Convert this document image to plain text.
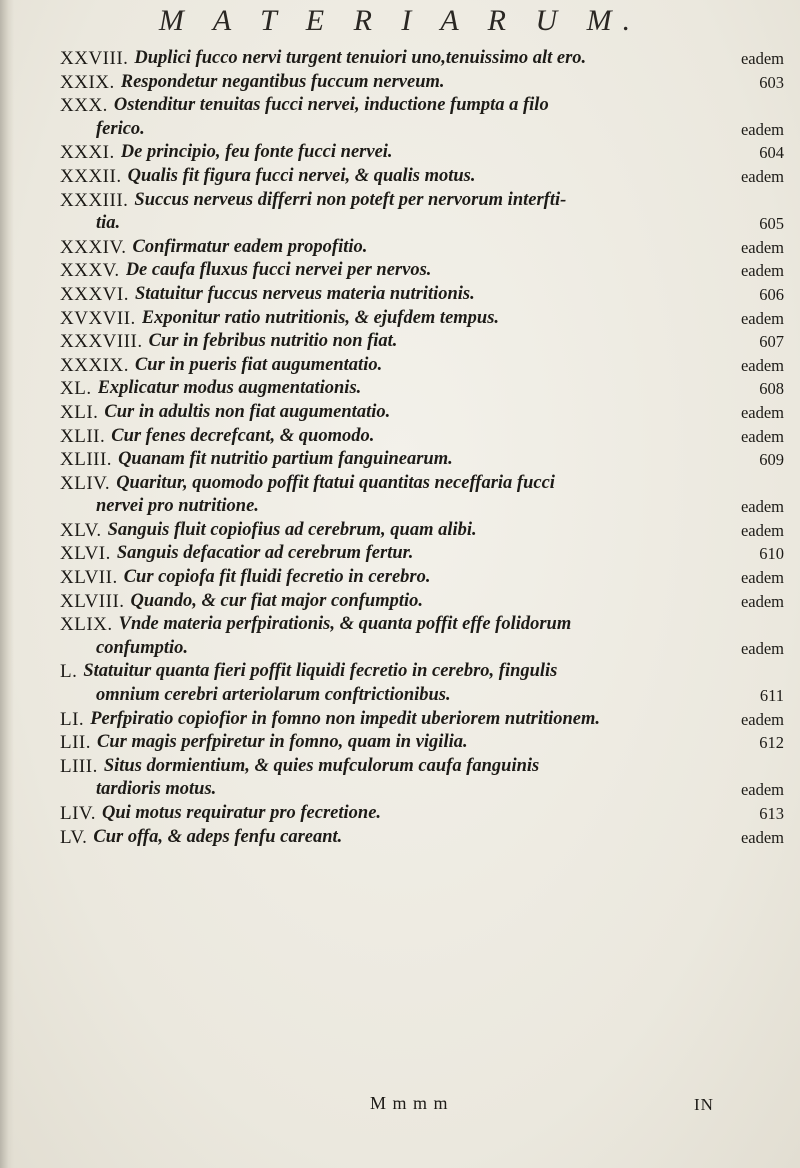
M A T E R I A R U M.
XXVIII. Duplici fucco nervi turgent tenuiori uno,tenuissimo alt ero.	eadem
XXIX. Respondetur negantibus fuccum nerveum.	603
XXX. Ostenditur tenuitas fucci nervei, inductione fumpta a filo
ferico.	eadem
XXXI. De principio, feu fonte fucci nervei.	604
XXXII. Qualis fit figura fucci nervei, & qualis motus.	eadem
XXXIII. Succus nerveus differri non poteft per nervorum interfti-
tia.	605
XXXIV. Confirmatur eadem propofitio.	eadem
XXXV. De caufa fluxus fucci nervei per nervos.	eadem
XXXVI. Statuitur fuccus nerveus materia nutritionis.	606
XVXVII. Exponitur ratio nutritionis, & ejufdem tempus.	eadem
XXXVIII. Cur in febribus nutritio non fiat.	607
XXXIX. Cur in pueris fiat augumentatio.	eadem
XL. Explicatur modus augmentationis.	608
XLI. Cur in adultis non fiat augumentatio.	eadem
XLII. Cur fenes decrefcant, & quomodo.	eadem
XLIII. Quanam fit nutritio partium fanguinearum.	609
XLIV. Quaritur, quomodo poffit ftatui quantitas neceffaria fucci
nervei pro nutritione.	eadem
XLV. Sanguis fluit copiofius ad cerebrum, quam alibi.	eadem
XLVI. Sanguis defacatior ad cerebrum fertur.	610
XLVII. Cur copiofa fit fluidi fecretio in cerebro.	eadem
XLVIII. Quando, & cur fiat major confumptio.	eadem
XLIX. Vnde materia perfpirationis, & quanta poffit effe folidorum
confumptio.	eadem
L. Statuitur quanta fieri poffit liquidi fecretio in cerebro, fingulis
omnium cerebri arteriolarum conftrictionibus.	611
LI. Perfpiratio copiofior in fomno non impedit uberiorem nutritionem.	eadem
LII. Cur magis perfpiretur in fomno, quam in vigilia.	612
LIII. Situs dormientium, & quies mufculorum caufa fanguinis
tardioris motus.	eadem
LIV. Qui motus requiratur pro fecretione.	613
LV. Cur offa, & adeps fenfu careant.	eadem
M m m m	IN
